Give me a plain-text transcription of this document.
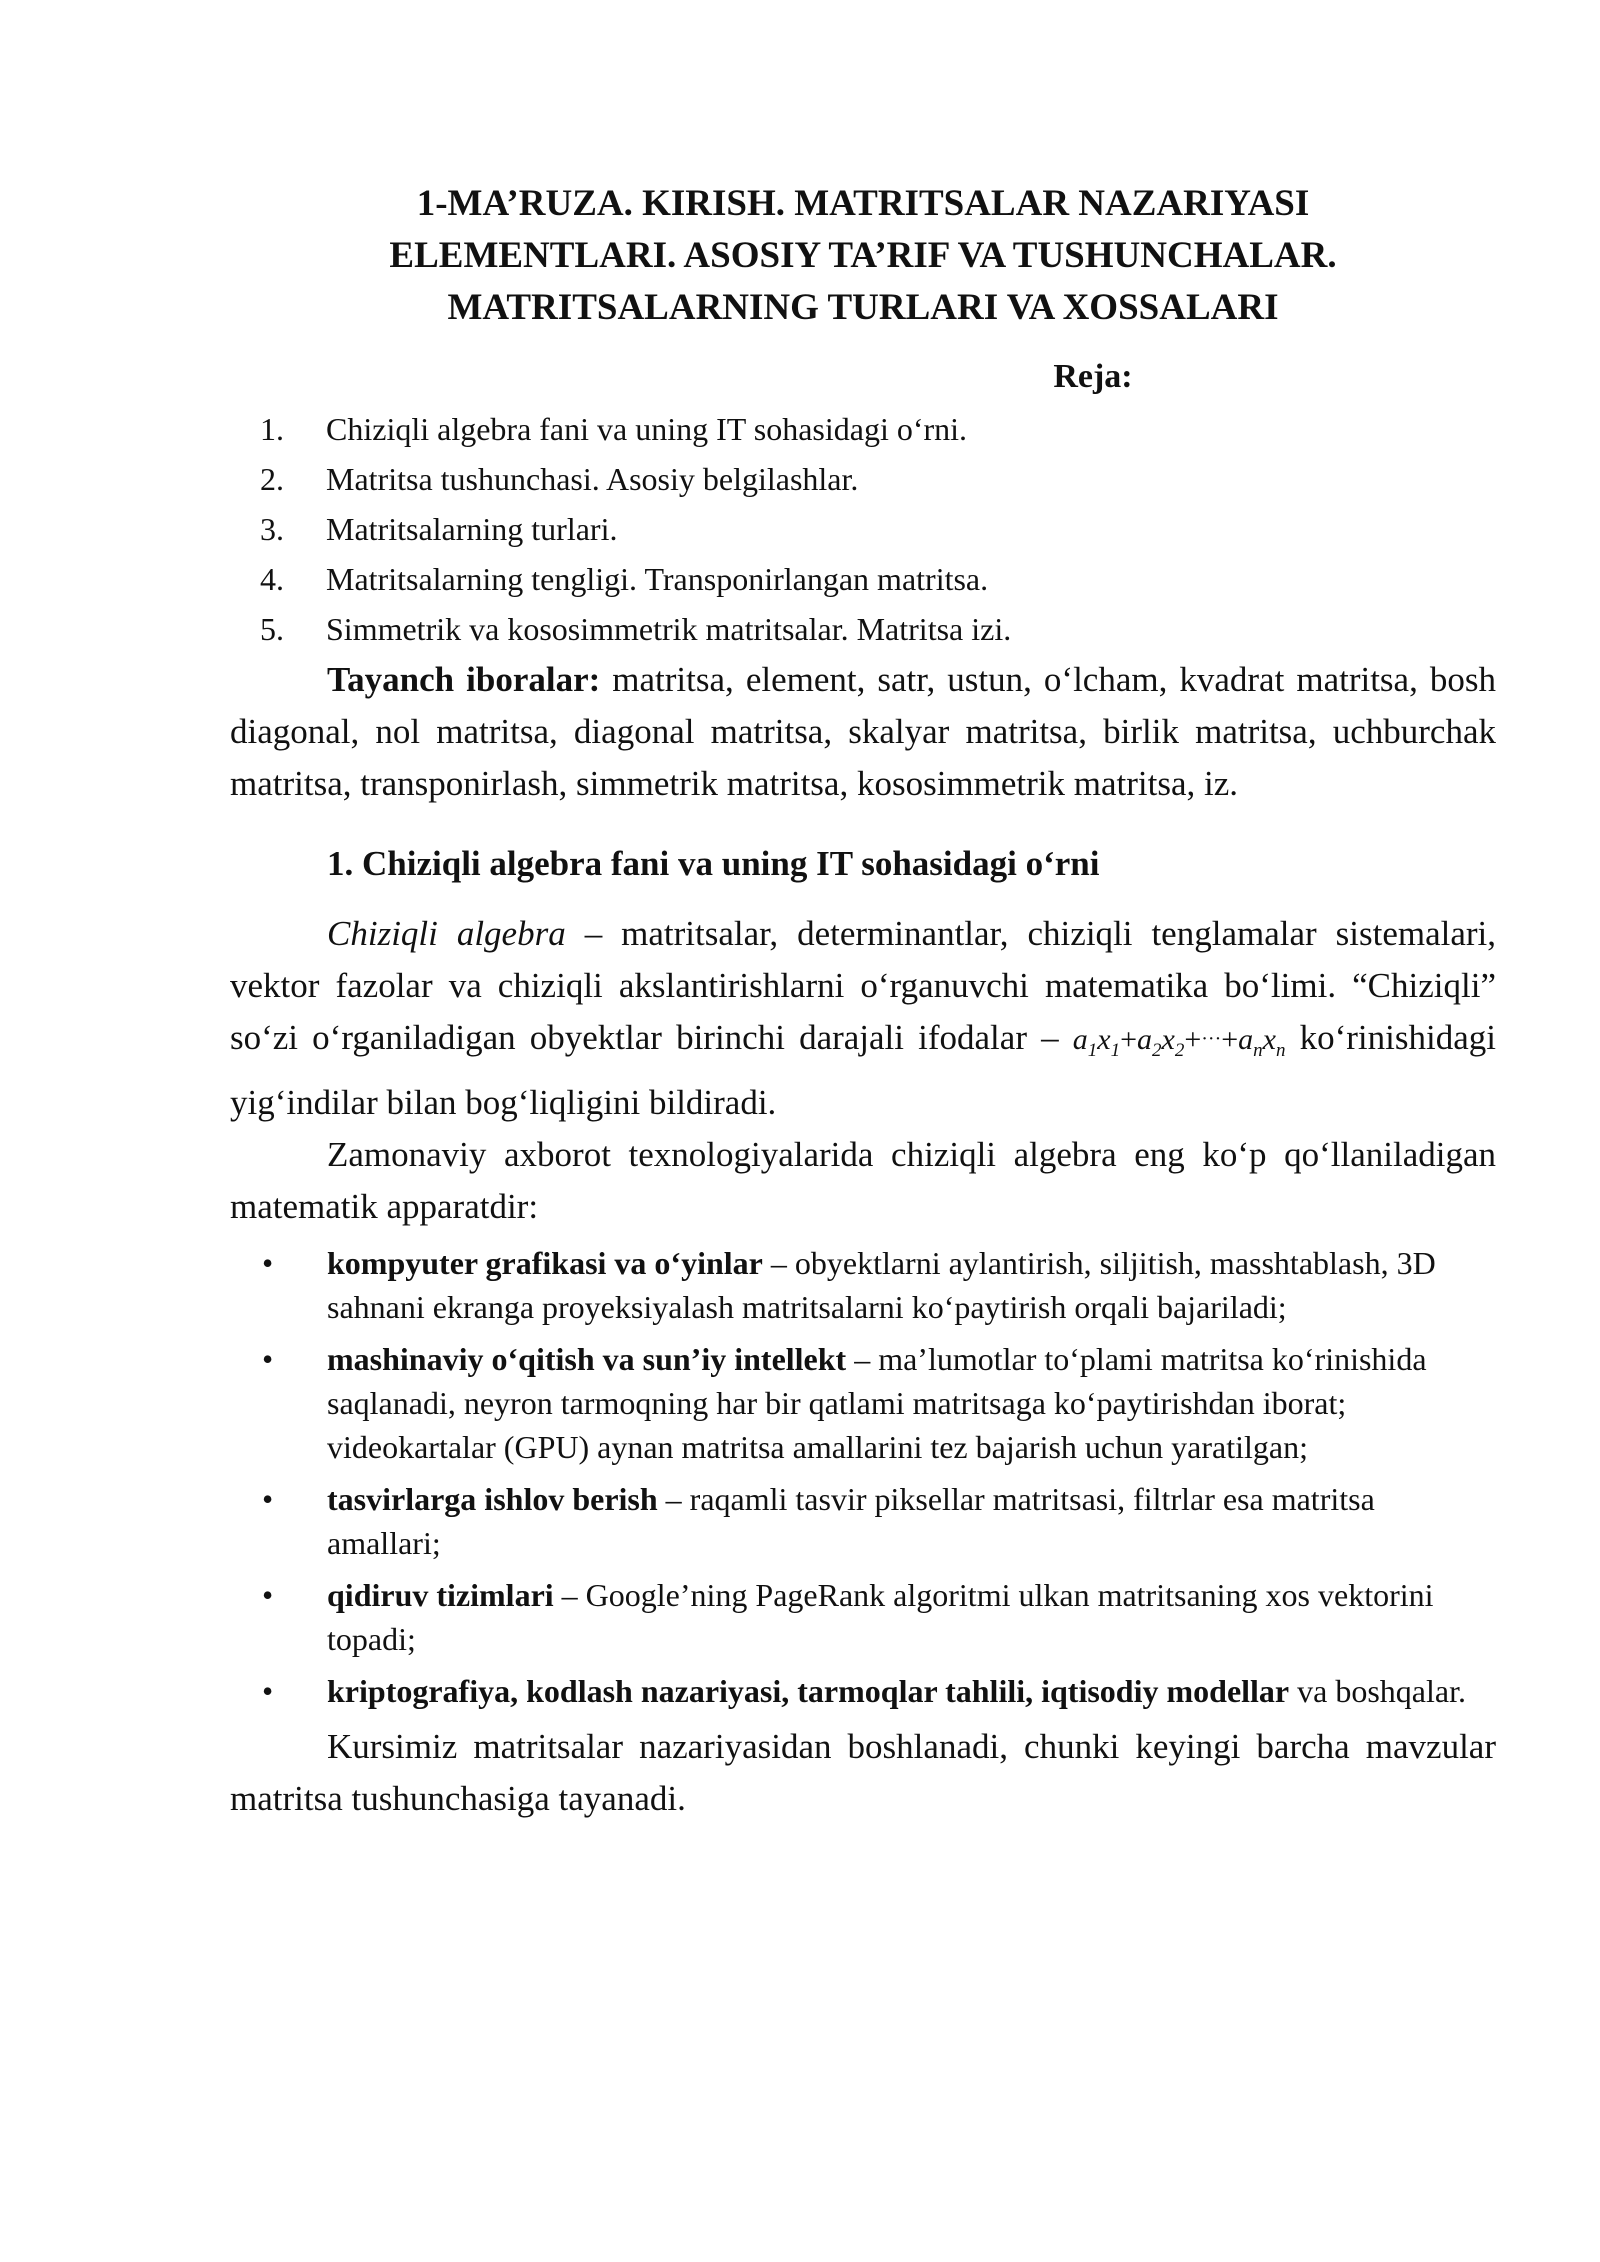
1-MA’RUZA. KIRISH. MATRITSALAR NAZARIYASI
ELEMENTLARI. ASOSIY TA’RIF VA TUSHUNCHALAR.
MATRITSALARNING TURLARI VA XOSSALARI
Reja:
1.	Chiziqli algebra fani va uning IT sohasidagi o‘rni.
2.	Matritsa tushunchasi. Asosiy belgilashlar.
3.	Matritsalarning turlari.
4.	Matritsalarning tengligi. Transponirlangan matritsa.
5.	Simmetrik va kososimmetrik matritsalar. Matritsa izi.

Tayanch iboralar: matritsa, element, satr, ustun, o‘lcham, kvadrat matritsa, bosh diagonal, nol matritsa, diagonal matritsa, skalyar matritsa, birlik matritsa, uchburchak matritsa, transponirlash, simmetrik matritsa, kososimmetrik matritsa, iz.

1. Chiziqli algebra fani va uning IT sohasidagi o‘rni

Chiziqli algebra – matritsalar, determinantlar, chiziqli tenglamalar sistemalari, vektor fazolar va chiziqli akslantirishlarni o‘rganuvchi matematika bo‘limi. “Chiziqli” so‘zi o‘rganiladigan obyektlar birinchi darajali ifodalar – $a_1x_1+a_2x_2+\cdot\cdot\cdot+a_nx_n$ ko‘rinishidagi yig‘indilar bilan bog‘liqligini bildiradi.

Zamonaviy axborot texnologiyalarida chiziqli algebra eng ko‘p qo‘llaniladigan matematik apparatdir:

•	kompyuter grafikasi va o‘yinlar – obyektlarni aylantirish, siljitish, masshtablash, 3D sahnani ekranga proyeksiyalash matritsalarni ko‘paytirish orqali bajariladi;
•	mashinaviy o‘qitish va sun’iy intellekt – ma’lumotlar to‘plami matritsa ko‘rinishida saqlanadi, neyron tarmoqning har bir qatlami matritsaga ko‘paytirishdan iborat; videokartalar (GPU) aynan matritsa amallarini tez bajarish uchun yaratilgan;
•	tasvirlarga ishlov berish – raqamli tasvir piksellar matritsasi, filtrlar esa matritsa amallari;
•	qidiruv tizimlari – Google’ning PageRank algoritmi ulkan matritsaning xos vektorini topadi;
•	kriptografiya, kodlash nazariyasi, tarmoqlar tahlili, iqtisodiy modellar va boshqalar.

Kursimiz matritsalar nazariyasidan boshlanadi, chunki keyingi barcha mavzular matritsa tushunchasiga tayanadi.
